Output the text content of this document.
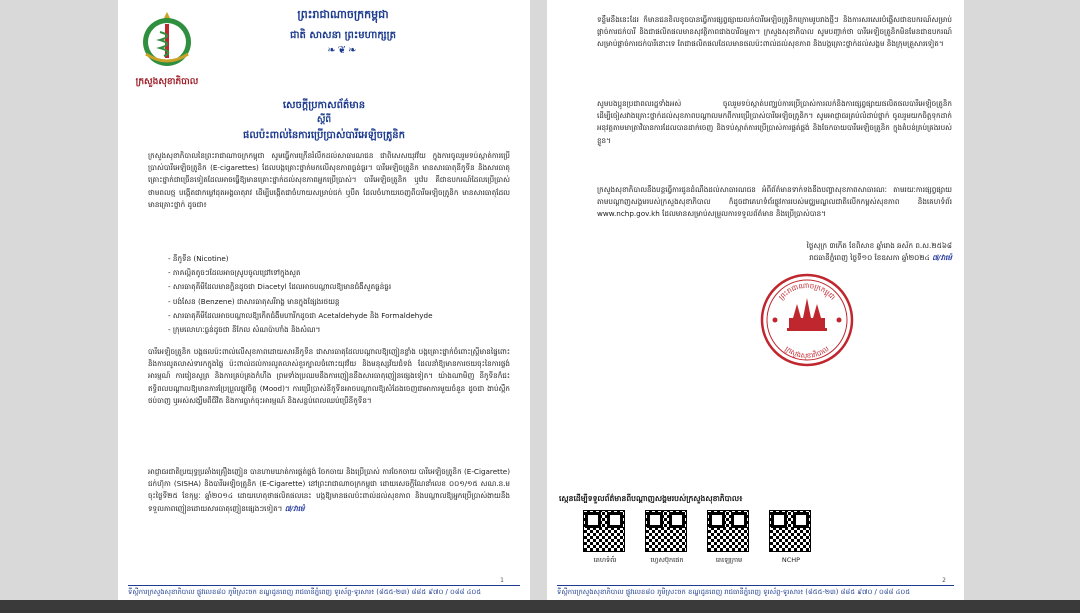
ក្រសួងសុខាភិបាល
ព្រះរាជាណាចក្រកម្ពុជា
ជាតិ សាសនា ព្រះមហាក្សត្រ
❧❦❧
សេចក្តីប្រកាសព័ត៌មាន
ស្តីពី
ផលប៉ះពាល់នៃការប្រើប្រាស់បារីអេឡិចត្រូនិក
ក្រសួងសុខាភិបាលនៃព្រះរាជាណាចក្រកម្ពុជា សូមធ្វើការក្រើនរំលឹកដល់សាធារណជន ជាពិសេសយុវវ័យ ក្នុងការចូលរួមទប់ស្កាត់ការប្រើប្រាស់បារីអេឡិចត្រូនិក (E-cigarettes) ដែលបង្កគ្រោះថ្នាក់មកលើសុខភាពធ្ងន់ធ្ងរ។ បារីអេឡិចត្រូនិក មានសារធាតុនីកូទីន និងសារធាតុគ្រោះថ្នាក់ជាច្រើនទៀតដែលអាចធ្វើឱ្យមានគ្រោះថ្នាក់ដល់សុខភាពអ្នកប្រើប្រាស់។ បារីអេឡិចត្រូនិក ឬវ៉េប គឺជាឧបករណ៍ដែលប្រើប្រាស់ថាមពលថ្ម បង្កើតជាកម្តៅដុតអង្គធាតុរាវ ដើម្បីបង្កើតជាចំហាយសម្រាប់ជក់ ឬបឺត ដែលចំហាយចេញពីបារីអេឡិចត្រូនិក មានសារធាតុដែលមានគ្រោះថ្នាក់ ដូចជា៖
- នីកូទីន (Nicotine)
- ភាគល្អិតតូចៗដែលអាចស្រូបចូលជ្រៅទៅក្នុងសួត
- សារធាតុគីមីដែលមានក្លិនដូចជា Diacetyl ដែលអាចបណ្តាលឱ្យមានជំងឺសួតធ្ងន់ធ្ងរ
- បង់សែន (Benzene) ជាសារធាតុសរីរាង្គ មានក្នុងផ្សែងរថយន្ត
- សារធាតុគីមីដែលអាចបណ្តាលឱ្យកើតជំងឺមហារីកដូចជា Acetaldehyde និង Formaldehyde
- ក្រុមលោហៈធ្ងន់ដូចជា នីកែល សំណប៉ាហាំង និងសំណ។
បារីអេឡិចត្រូនិក បង្កផលប៉ះពាល់លើសុខភាពដោយសារនីកូទីន ជាសារធាតុដែលបណ្តាលឱ្យញៀនខ្លាំង បង្កគ្រោះថ្នាក់ចំពោះស្ត្រីមានផ្ទៃពោះ និងការលូតលាស់ទារកក្នុងផ្ទៃ ប៉ះពាល់ដល់ការលូតលាស់ខួរក្បាលចំពោះយុវវ័យ និងមនុស្សវ័យជំទង់ ដែលនាំឱ្យមានការថយចុះនៃការផ្ចង់អារម្មណ៍ ការរៀនសូត្រ និងការគ្រប់គ្រងកំហឹង ព្រមទាំងប្រឈមនឹងការញៀននឹងសារធាតុញៀនផ្សេងទៀត។ យ៉ាងណាមិញ នីកូទីនក៏ជះឥទ្ធិពលបណ្តាលឱ្យមានការប្រែប្រួលផ្លូវចិត្ត (Mood)។ ការប្រើប្រាស់នីកូទីនអាចបណ្តាលឱ្យសំដែងចេញជាអាការមួយចំនួន ដូចជា ងាប់ស្ពឹក ថប់ចាញ ឬអស់សង្ឃឹមពីជីវិត និងការធ្លាក់ចុះអារម្មណ៍ និងសន្លប់ពេលឈប់ប្រើនីកូទីន។
អាជ្ញាធរជាតិប្រយុទ្ធប្រឆាំងគ្រឿងញៀន បានហាមឃាត់ការផ្គត់ផ្គង់ ចែកចាយ និងប្រើប្រាស់ ការចែកចាយ បារីអេឡិចត្រូនិក (E-Cigarette) ជក់ហ៊ុកា (SISHA) និងបារីអេឡិចត្រូនិក (E-Cigarette) នៅព្រះរាជាណាចក្រកម្ពុជា ដោយសេចក្តីណែនាំលេខ ០០១/១៥ សណ.ន.ម ចុះថ្ងៃទី២៥ ខែកុម្ភៈ ឆ្នាំ២០១៤ ដោយហេតុថាផលិតផលនេះ បង្កឱ្យមានផលប៉ះពាល់ដល់សុខភាព និងបណ្តាលឱ្យអ្នកប្រើប្រាស់ងាយនឹងទទួលភាពញៀនដោយសារធាតុញៀនផ្សេងៗទៀត។ ៧/វាម៉េ
1
ទីស្តីការក្រសួងសុខាភិបាល ផ្លូវលេខ៨០ ភូមិស្រះចក ខណ្ឌដូនពេញ រាជធានីភ្នំពេញ ទូរស័ព្ទ-ទូរសារ៖ (៨៥៥-២៣) ៨៨៥ ៩៧០ / ០៨៨ ៤០៥
ទន្ទឹមនឹងនេះដែរ ក៏មានជនខិលខូចបានធ្វើការផ្សព្វផ្សាយលក់បារីអេឡិចត្រូនិកក្រោមរូបរាងថ្មីៗ និងការសរសេរបំផ្លើសជាឧបករណ៍សម្រាប់ផ្តាច់ការជក់បារី និងជាផលិតផលមានសុវត្ថិភាពជាងបារីធម្មតា។ ក្រសួងសុខាភិបាល សូមបញ្ជាក់ថា បារីអេឡិចត្រូនិកមិនមែនជាឧបករណ៍សម្រាប់ផ្តាច់ការជក់បារីនោះទេ តែជាផលិតផលដែលមានផលប៉ះពាល់ដល់សុខភាព និងបង្កគ្រោះថ្នាក់ដល់សង្គម និងក្រុមគ្រួសារទៀត។
សូមបងប្អូនប្រជាពលរដ្ឋទាំងអស់ ចូលរួមទប់ស្កាត់បញ្ឈប់ការប្រើប្រាស់ការលក់និងការផ្សព្វផ្សាយផលិតផលបារីអេឡិចត្រូនិក ដើម្បីចៀសវាងគ្រោះថ្នាក់ដល់សុខភាពបណ្តាលមកពីការប្រើប្រាស់បារីអេឡិចត្រូនិក។ សូមអាជ្ញាធរគ្រប់លំដាប់ថ្នាក់ ចូលរួមយកចិត្តទុកដាក់អនុវត្តតាមមាត្រាវិធានការដែលបានដាក់ចេញ និងទប់ស្កាត់ការប្រើប្រាស់ការផ្គត់ផ្គង់ និងចែកចាយបារីអេឡិចត្រូនិក ក្នុងតំបន់គ្រប់គ្រងរបស់ខ្លួន។
ក្រសួងសុខាភិបាលនឹងបន្តធ្វើការជូនដំណឹងដល់សាធារណជន អំពីព័ត៌មានទាក់ទងនឹងបញ្ហាសុខភាពសាធារណៈ តាមរយៈការផ្សព្វផ្សាយតាមបណ្តាញសង្គមរបស់ក្រសួងសុខាភិបាល ក៏ដូចជាគេហទំព័រផ្លូវការរបស់មជ្ឈមណ្ឌលជាតិលើកកម្ពស់សុខភាព និងគេហទំព័រ www.nchp.gov.kh ដែលមានសម្រាប់សម្រួលការទទួលព័ត៌មាន និងប្រើប្រាស់បាន។
ថ្ងៃសុក្រ ៣កើត ខែពិសាខ ឆ្នាំរោង ឆស័ក ព.ស.២៥៦៨
រាជធានីភ្នំពេញ ថ្ងៃទី១០ ខែឧសភា ឆ្នាំ២០២៤ ៧/វាម៉េ
ព្រះរាជាណាចក្រកម្ពុជា
ក្រសួងសុខាភិបាល
ស្កេនដើម្បីទទួលព័ត៌មានពីបណ្តាញសង្គមរបស់ក្រសួងសុខាភិបាល៖
គេហទំព័រ	ហ្វេសប៊ុកផេក	តេឡេក្រាម	NCHP
2
ទីស្តីការក្រសួងសុខាភិបាល ផ្លូវលេខ៨០ ភូមិស្រះចក ខណ្ឌដូនពេញ រាជធានីភ្នំពេញ ទូរស័ព្ទ-ទូរសារ៖ (៨៥៥-២៣) ៨៨៥ ៩៧០ / ០៨៨ ៤០៥
